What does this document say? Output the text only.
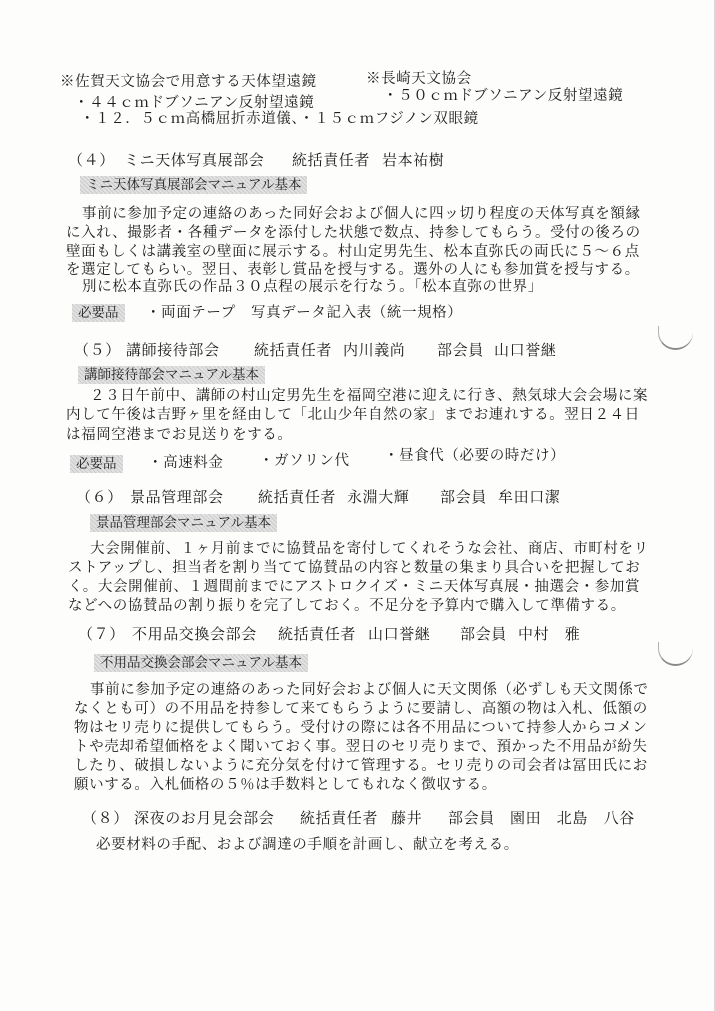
※佐賀天文協会で用意する天体望遠鏡	※長崎天文協会
・４４ｃｍドブソニアン反射望遠鏡	・５０ｃｍドブソニアン反射望遠鏡
・１２．５ｃｍ高橋屈折赤道儀、・１５ｃｍフジノン双眼鏡
（４） ミニ天体写真展部会 統括責任者 岩本祐樹
ミニ天体写真展部会マニュアル基本
事前に参加予定の連絡のあった同好会および個人に四ッ切り程度の天体写真を額縁
に入れ、撮影者・各種データを添付した状態で数点、持参してもらう。受付の後ろの
壁面もしくは講義室の壁面に展示する。村山定男先生、松本直弥氏の両氏に５〜６点
を選定してもらい。翌日、表彰し賞品を授与する。選外の人にも参加賞を授与する。
別に松本直弥氏の作品３０点程の展示を行なう。「松本直弥の世界」
必要品	・両面テープ　写真データ記入表（統一規格）
（５） 講師接待部会 統括責任者 内川義尚 部会員 山口誉継
講師接待部会マニュアル基本
２３日午前中、講師の村山定男先生を福岡空港に迎えに行き、熱気球大会会場に案
内して午後は吉野ヶ里を経由して「北山少年自然の家」までお連れする。翌日２４日
は福岡空港までお見送りをする。
必要品	・高速料金 ・ガソリン代 ・昼食代（必要の時だけ）
（６） 景品管理部会 統括責任者 永淵大輝 部会員 牟田口潔
景品管理部会マニュアル基本
大会開催前、１ヶ月前までに協賛品を寄付してくれそうな会社、商店、市町村をリ
ストアップし、担当者を割り当てて協賛品の内容と数量の集まり具合いを把握してお
く。大会開催前、１週間前までにアストロクイズ・ミニ天体写真展・抽選会・参加賞
などへの協賛品の割り振りを完了しておく。不足分を予算内で購入して準備する。
（７） 不用品交換会部会 統括責任者 山口誉継 部会員 中村　雅
不用品交換会部会マニュアル基本
事前に参加予定の連絡のあった同好会および個人に天文関係（必ずしも天文関係で
なくとも可）の不用品を持参して来てもらうように要請し、高額の物は入札、低額の
物はセリ売りに提供してもらう。受付けの際には各不用品について持参人からコメン
トや売却希望価格をよく聞いておく事。翌日のセリ売りまで、預かった不用品が紛失
したり、破損しないように充分気を付けて管理する。セリ売りの司会者は冨田氏にお
願いする。入札価格の５％は手数料としてもれなく徴収する。
（８） 深夜のお月見会部会 統括責任者 藤井 部会員 園田　北島　八谷
必要材料の手配、および調達の手順を計画し、献立を考える。
